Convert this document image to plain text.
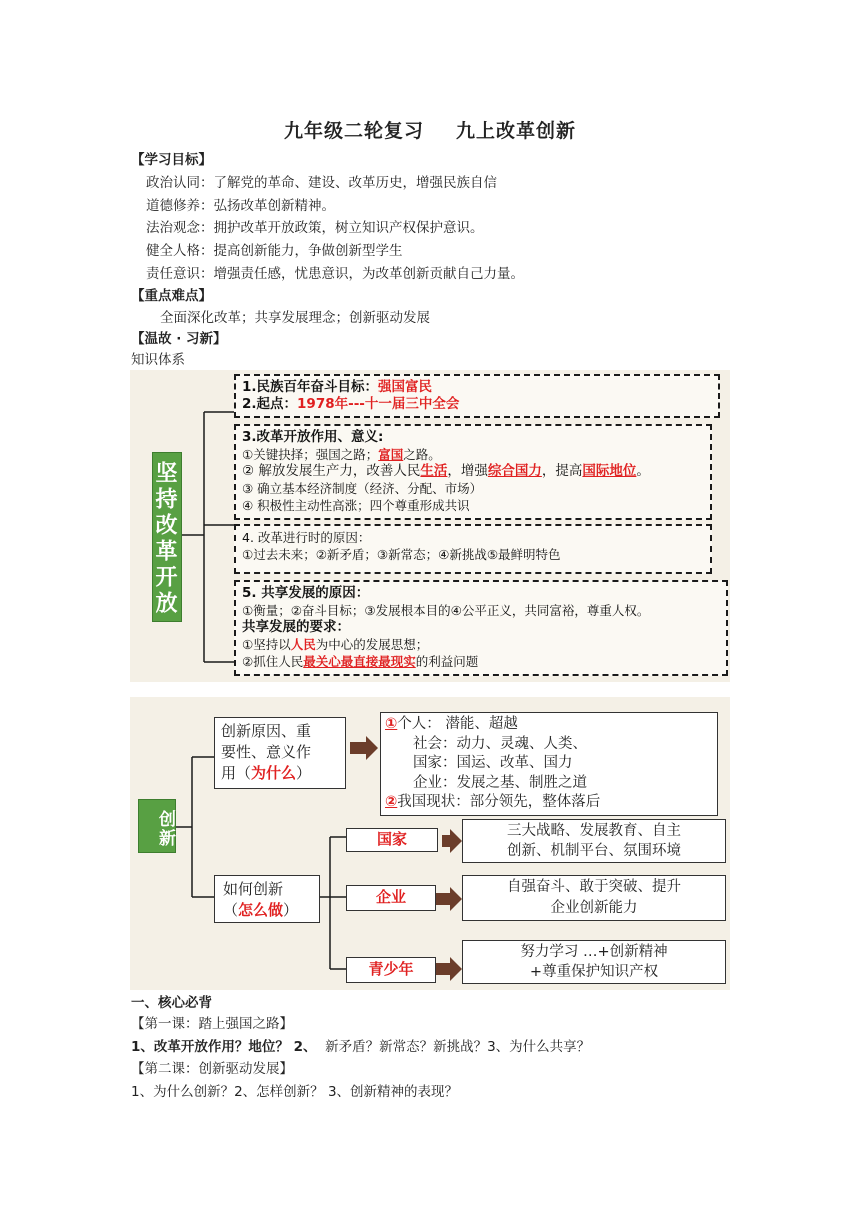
九年级二轮复习 九上改革创新
【学习目标】
政治认同：了解党的革命、建设、改革历史，增强民族自信
道德修养：弘扬改革创新精神。
法治观念：拥护改革开放政策，树立知识产权保护意识。
健全人格：提高创新能力，争做创新型学生
责任意识：增强责任感，忧患意识，为改革创新贡献自己力量。
【重点难点】
全面深化改革；共享发展理念；创新驱动发展
【温故 · 习新】
知识体系
坚持改革开放
1.民族百年奋斗目标：强国富民
2.起点：1978年---十一届三中全会
3.改革开放作用、意义:
①关键抉择；强国之路；富国之路。
② 解放发展生产力，改善人民生活，增强综合国力，提高国际地位。
③ 确立基本经济制度（经济、分配、市场）
④ 积极性主动性高涨；四个尊重形成共识
4. 改革进行时的原因：
①过去未来；②新矛盾；③新常态；④新挑战⑤最鲜明特色
5. 共享发展的原因：
①衡量；②奋斗目标；③发展根本目的④公平正义，共同富裕，尊重人权。
共享发展的要求：
①坚持以人民为中心的发展思想；
②抓住人民最关心最直接最现实的利益问题
创新
创新原因、重
要性、意义作
用（为什么）
①个人： 潜能、超越
社会：动力、灵魂、人类、
国家：国运、改革、国力
企业：发展之基、制胜之道
②我国现状：部分领先，整体落后
如何创新
（怎么做）
国家
企业
青少年
三大战略、发展教育、自主
创新、机制平台、氛围环境
自强奋斗、敢于突破、提升
企业创新能力
努力学习 …+创新精神
+尊重保护知识产权
一、核心必背
【第一课：踏上强国之路】
1、改革开放作用？地位？ 2、 新矛盾？新常态？新挑战？3、为什么共享？
【第二课：创新驱动发展】
1、为什么创新？2、怎样创新？ 3、创新精神的表现？
